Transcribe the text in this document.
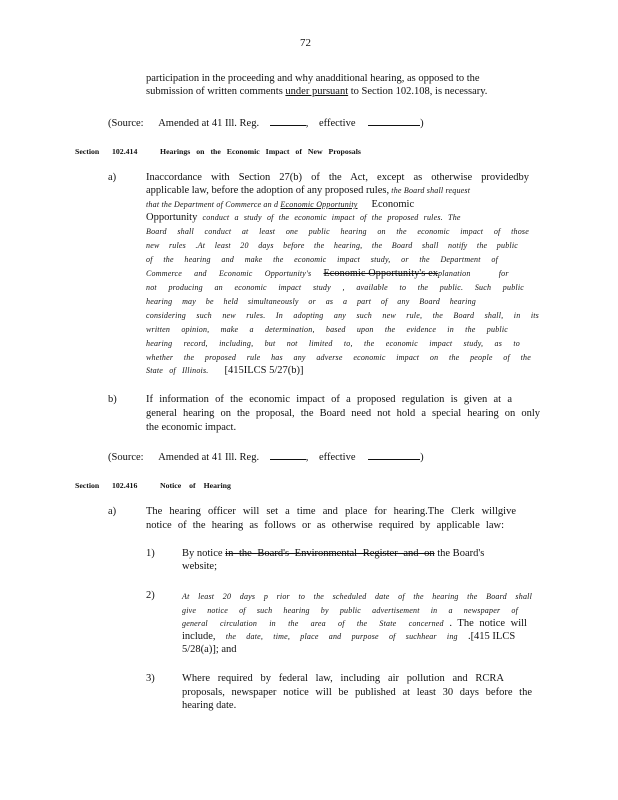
72
participation in the proceeding and why anadditional hearing, as opposed to the
submission of written comments under pursuant to Section 102.108, is necessary.
(Source: Amended at 41 Ill. Reg.	, effective	)
Section 102.414	Hearings on the Economic Impact of New Proposals
a)	Inaccordance with Section 27(b) of the Act, except as otherwise providedby
applicable law, before the adoption of any proposed rules, the Board shall request
that the Department of Commerce an d Economic Opportunity Economic
Opportunity conduct a study of the economic impact of the proposed rules. The
Board shall conduct at least one public hearing on the economic impact of those
new rules .At least 20 days before the hearing, the Board shall notify the public
of the hearing and make the economic impact study, or the Department of
Commerce and Economic Opportunity's Economic Opportunity's explanation for
not producing an economic impact study , available to the public. Such public
hearing may be held simultaneously or as a part of any Board hearing
considering such new rules. In adopting any such new rule, the Board shall, in its
written opinion, make a determination, based upon the evidence in the public
hearing record, including, but not limited to, the economic impact study, as to
whether the proposed rule has any adverse economic impact on the people of the
State of Illinois. [415ILCS 5/27(b)]
b)	If information of the economic impact of a proposed regulation is given at a
general hearing on the proposal, the Board need not hold a special hearing on only
the economic impact.
(Source: Amended at 41 Ill. Reg.	, effective	)
Section 102.416	Notice of Hearing
a)	The hearing officer will set a time and place for hearing.The Clerk willgive
notice of the hearing as follows or as otherwise required by applicable law:
1)	By notice in the Board's Environmental Register and on the Board's
website;
2)	At least 20 days p rior to the scheduled date of the hearing the Board shall
give notice of such hearing by public advertisement in a newspaper of
general circulation in the area of the State concerned . The notice will
include, the date, time, place and purpose of suchhear ing .[415 ILCS
5/28(a)]; and
3)	Where required by federal law, including air pollution and RCRA
proposals, newspaper notice will be published at least 30 days before the
hearing date.
